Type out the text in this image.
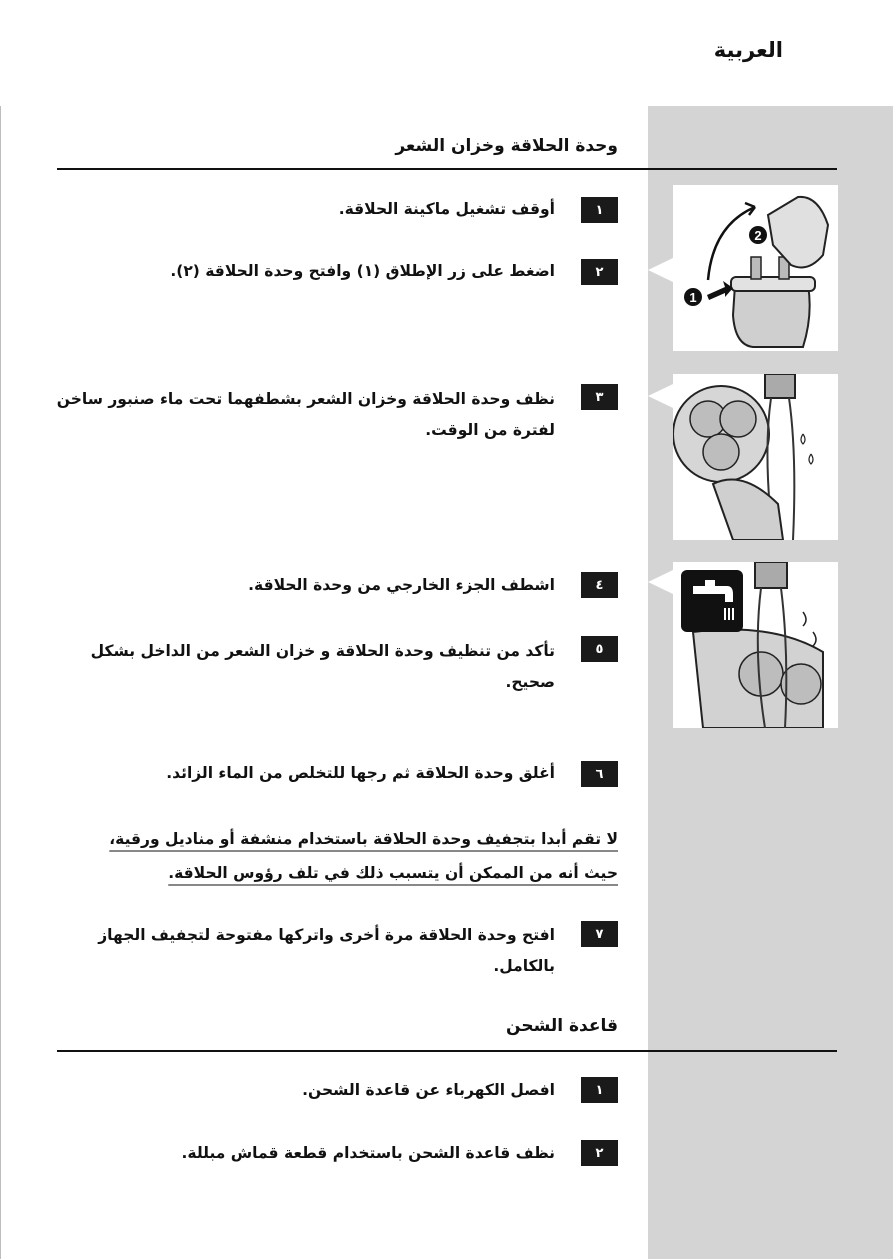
العربية
وحدة الحلاقة وخزان الشعر
١
أوقف تشغيل ماكينة الحلاقة.
٢
اضغط على زر الإطلاق (١) وافتح وحدة الحلاقة (٢).
٣
نظف وحدة الحلاقة وخزان الشعر بشطفهما تحت ماء صنبور ساخن لفترة من الوقت.
٤
اشطف الجزء الخارجي من وحدة الحلاقة.
٥
تأكد من تنظيف وحدة الحلاقة و خزان الشعر من الداخل بشكل صحيح.
٦
أغلق وحدة الحلاقة ثم رجها للتخلص من الماء الزائد.
لا تقم أبدا بتجفيف وحدة الحلاقة باستخدام منشفة أو مناديل ورقية،
حيث أنه من الممكن أن يتسبب ذلك في تلف رؤوس الحلاقة.
٧
افتح وحدة الحلاقة مرة أخرى واتركها مفتوحة لتجفيف الجهاز بالكامل.
قاعدة الشحن
١
افصل الكهرباء عن قاعدة الشحن.
٢
نظف قاعدة الشحن باستخدام قطعة قماش مبللة.
1
2
